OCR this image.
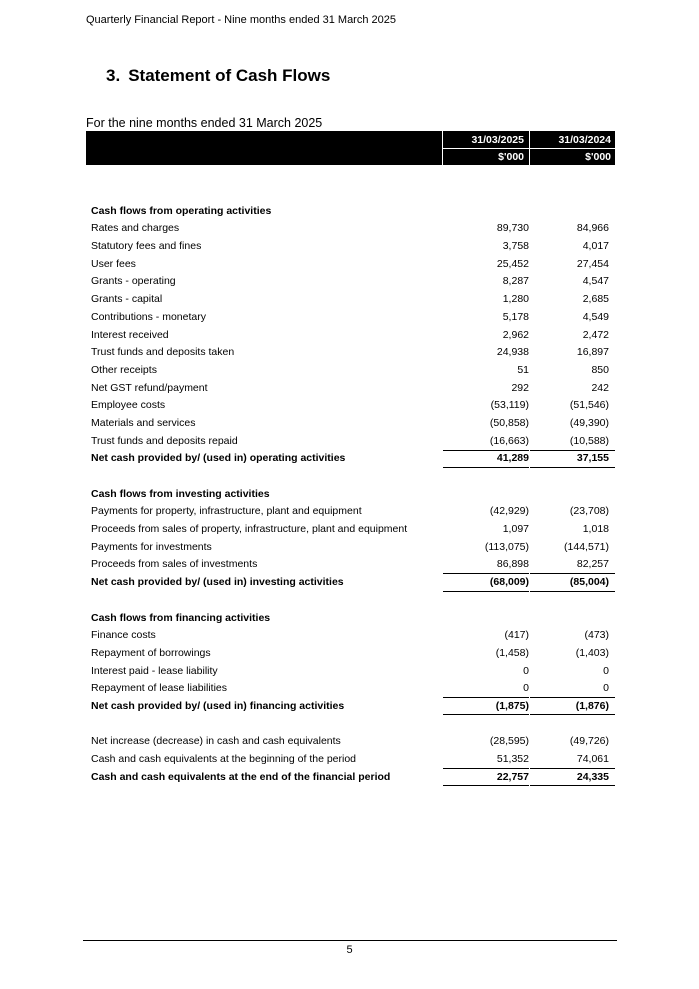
Quarterly Financial Report - Nine months ended 31 March 2025
3. Statement of Cash Flows
For the nine months ended 31 March 2025
31/03/2025	31/03/2024
$'000	$'000
Cash flows from operating activities
Rates and charges	89,730	84,966
Statutory fees and fines	3,758	4,017
User fees	25,452	27,454
Grants - operating	8,287	4,547
Grants - capital	1,280	2,685
Contributions - monetary	5,178	4,549
Interest received	2,962	2,472
Trust funds and deposits taken	24,938	16,897
Other receipts	51	850
Net GST refund/payment	292	242
Employee costs	(53,119)	(51,546)
Materials and services	(50,858)	(49,390)
Trust funds and deposits repaid	(16,663)	(10,588)
Net cash provided by/ (used in) operating activities	41,289	37,155
Cash flows from investing activities
Payments for property, infrastructure, plant and equipment	(42,929)	(23,708)
Proceeds from sales of property, infrastructure, plant and equipment	1,097	1,018
Payments for investments	(113,075)	(144,571)
Proceeds from sales of investments	86,898	82,257
Net cash provided by/ (used in) investing activities	(68,009)	(85,004)
Cash flows from financing activities
Finance costs	(417)	(473)
Repayment of borrowings	(1,458)	(1,403)
Interest paid - lease liability	0	0
Repayment of lease liabilities	0	0
Net cash provided by/ (used in) financing activities	(1,875)	(1,876)
Net increase (decrease) in cash and cash equivalents	(28,595)	(49,726)
Cash and cash equivalents at the beginning of the period	51,352	74,061
Cash and cash equivalents at the end of the financial period	22,757	24,335
5
